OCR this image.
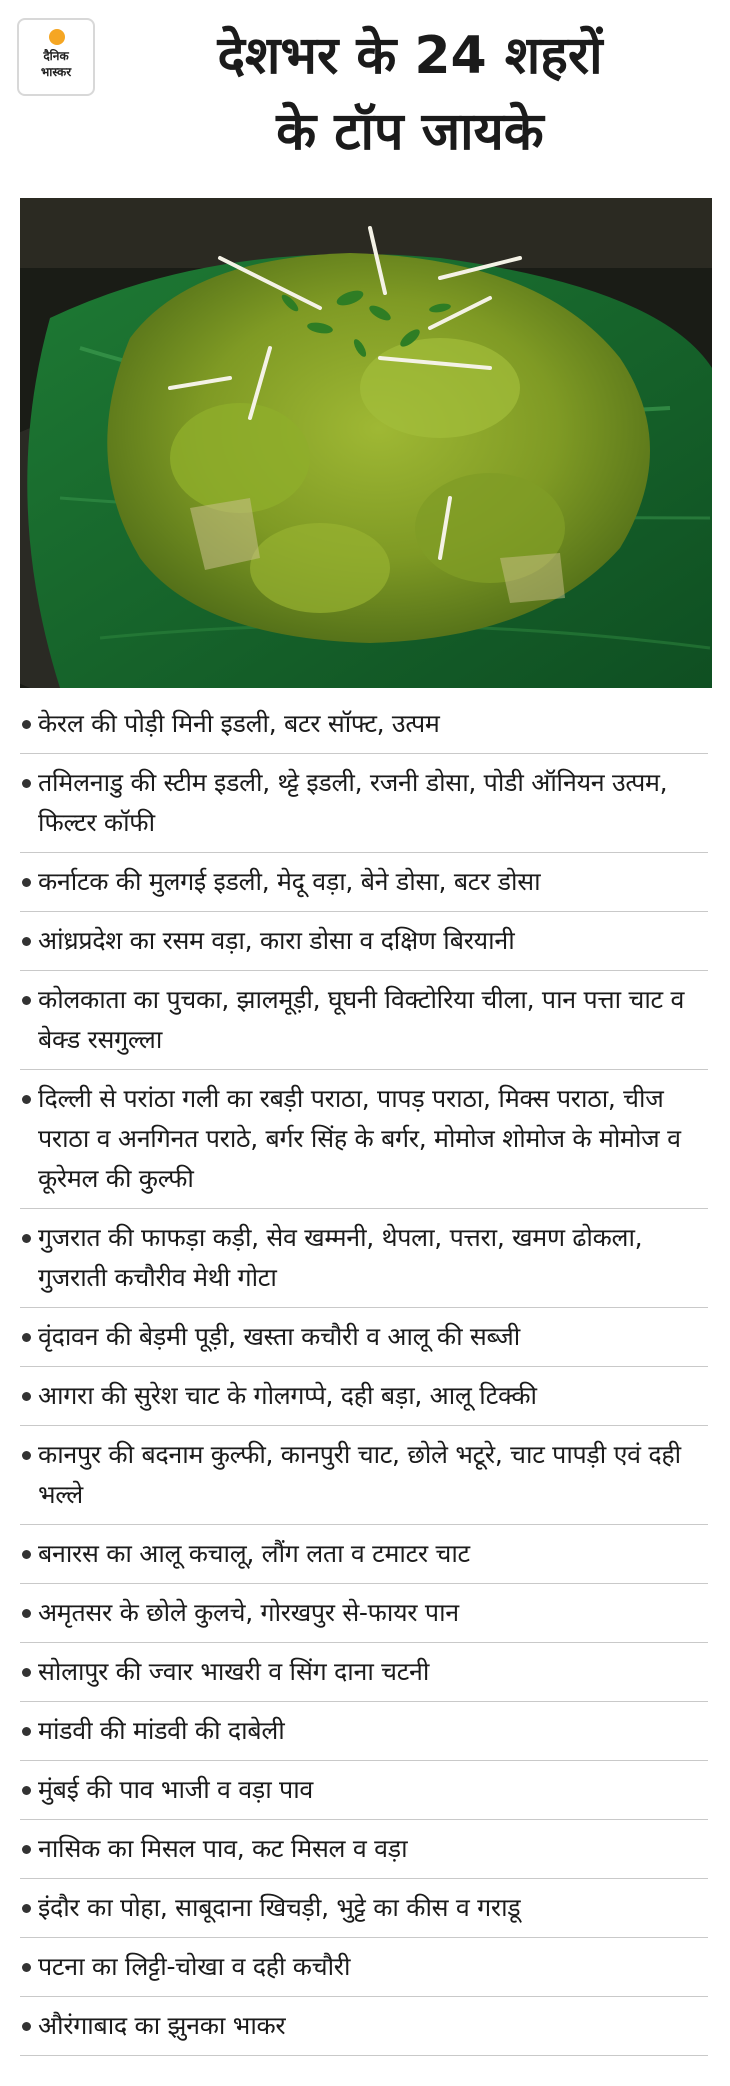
दैनिक
भास्कर	देशभर के 24 शहरों
के टॉप जायके
केरल की पोड़ी मिनी इडली, बटर सॉफ्ट, उत्पम
तमिलनाडु की स्टीम इडली, थ्ट्टे इडली, रजनी डोसा, पोडी ऑनियन उत्पम, फिल्टर कॉफी
कर्नाटक की मुलगई इडली, मेदू वड़ा, बेने डोसा, बटर डोसा
आंध्रप्रदेश का रसम वड़ा, कारा डोसा व दक्षिण बिरयानी
कोलकाता का पुचका, झालमूड़ी, घूघनी विक्टोरिया चीला, पान पत्ता चाट व बेक्ड रसगुल्ला
दिल्ली से परांठा गली का रबड़ी पराठा, पापड़ पराठा, मिक्स पराठा, चीज पराठा व अनगिनत पराठे, बर्गर सिंह के बर्गर, मोमोज शोमोज के मोमोज व कूरेमल की कुल्फी
गुजरात की फाफड़ा कड़ी, सेव खम्मनी, थेपला, पत्तरा, खमण ढोकला, गुजराती कचौरीव मेथी गोटा
वृंदावन की बेड़मी पूड़ी, खस्ता कचौरी व आलू की सब्जी
आगरा की सुरेश चाट के गोलगप्पे, दही बड़ा, आलू टिक्की
कानपुर की बदनाम कुल्फी, कानपुरी चाट, छोले भटूरे, चाट पापड़ी एवं दही भल्ले
बनारस का आलू कचालू, लौंग लता व टमाटर चाट
अमृतसर के छोले कुलचे, गोरखपुर से-फायर पान
सोलापुर की ज्वार भाखरी व सिंग दाना चटनी
मांडवी की मांडवी की दाबेली
मुंबई की पाव भाजी व वड़ा पाव
नासिक का मिसल पाव, कट मिसल व वड़ा
इंदौर का पोहा, साबूदाना खिचड़ी, भुट्टे का कीस व गराडू
पटना का लिट्टी-चोखा व दही कचौरी
औरंगाबाद का झुनका भाकर
